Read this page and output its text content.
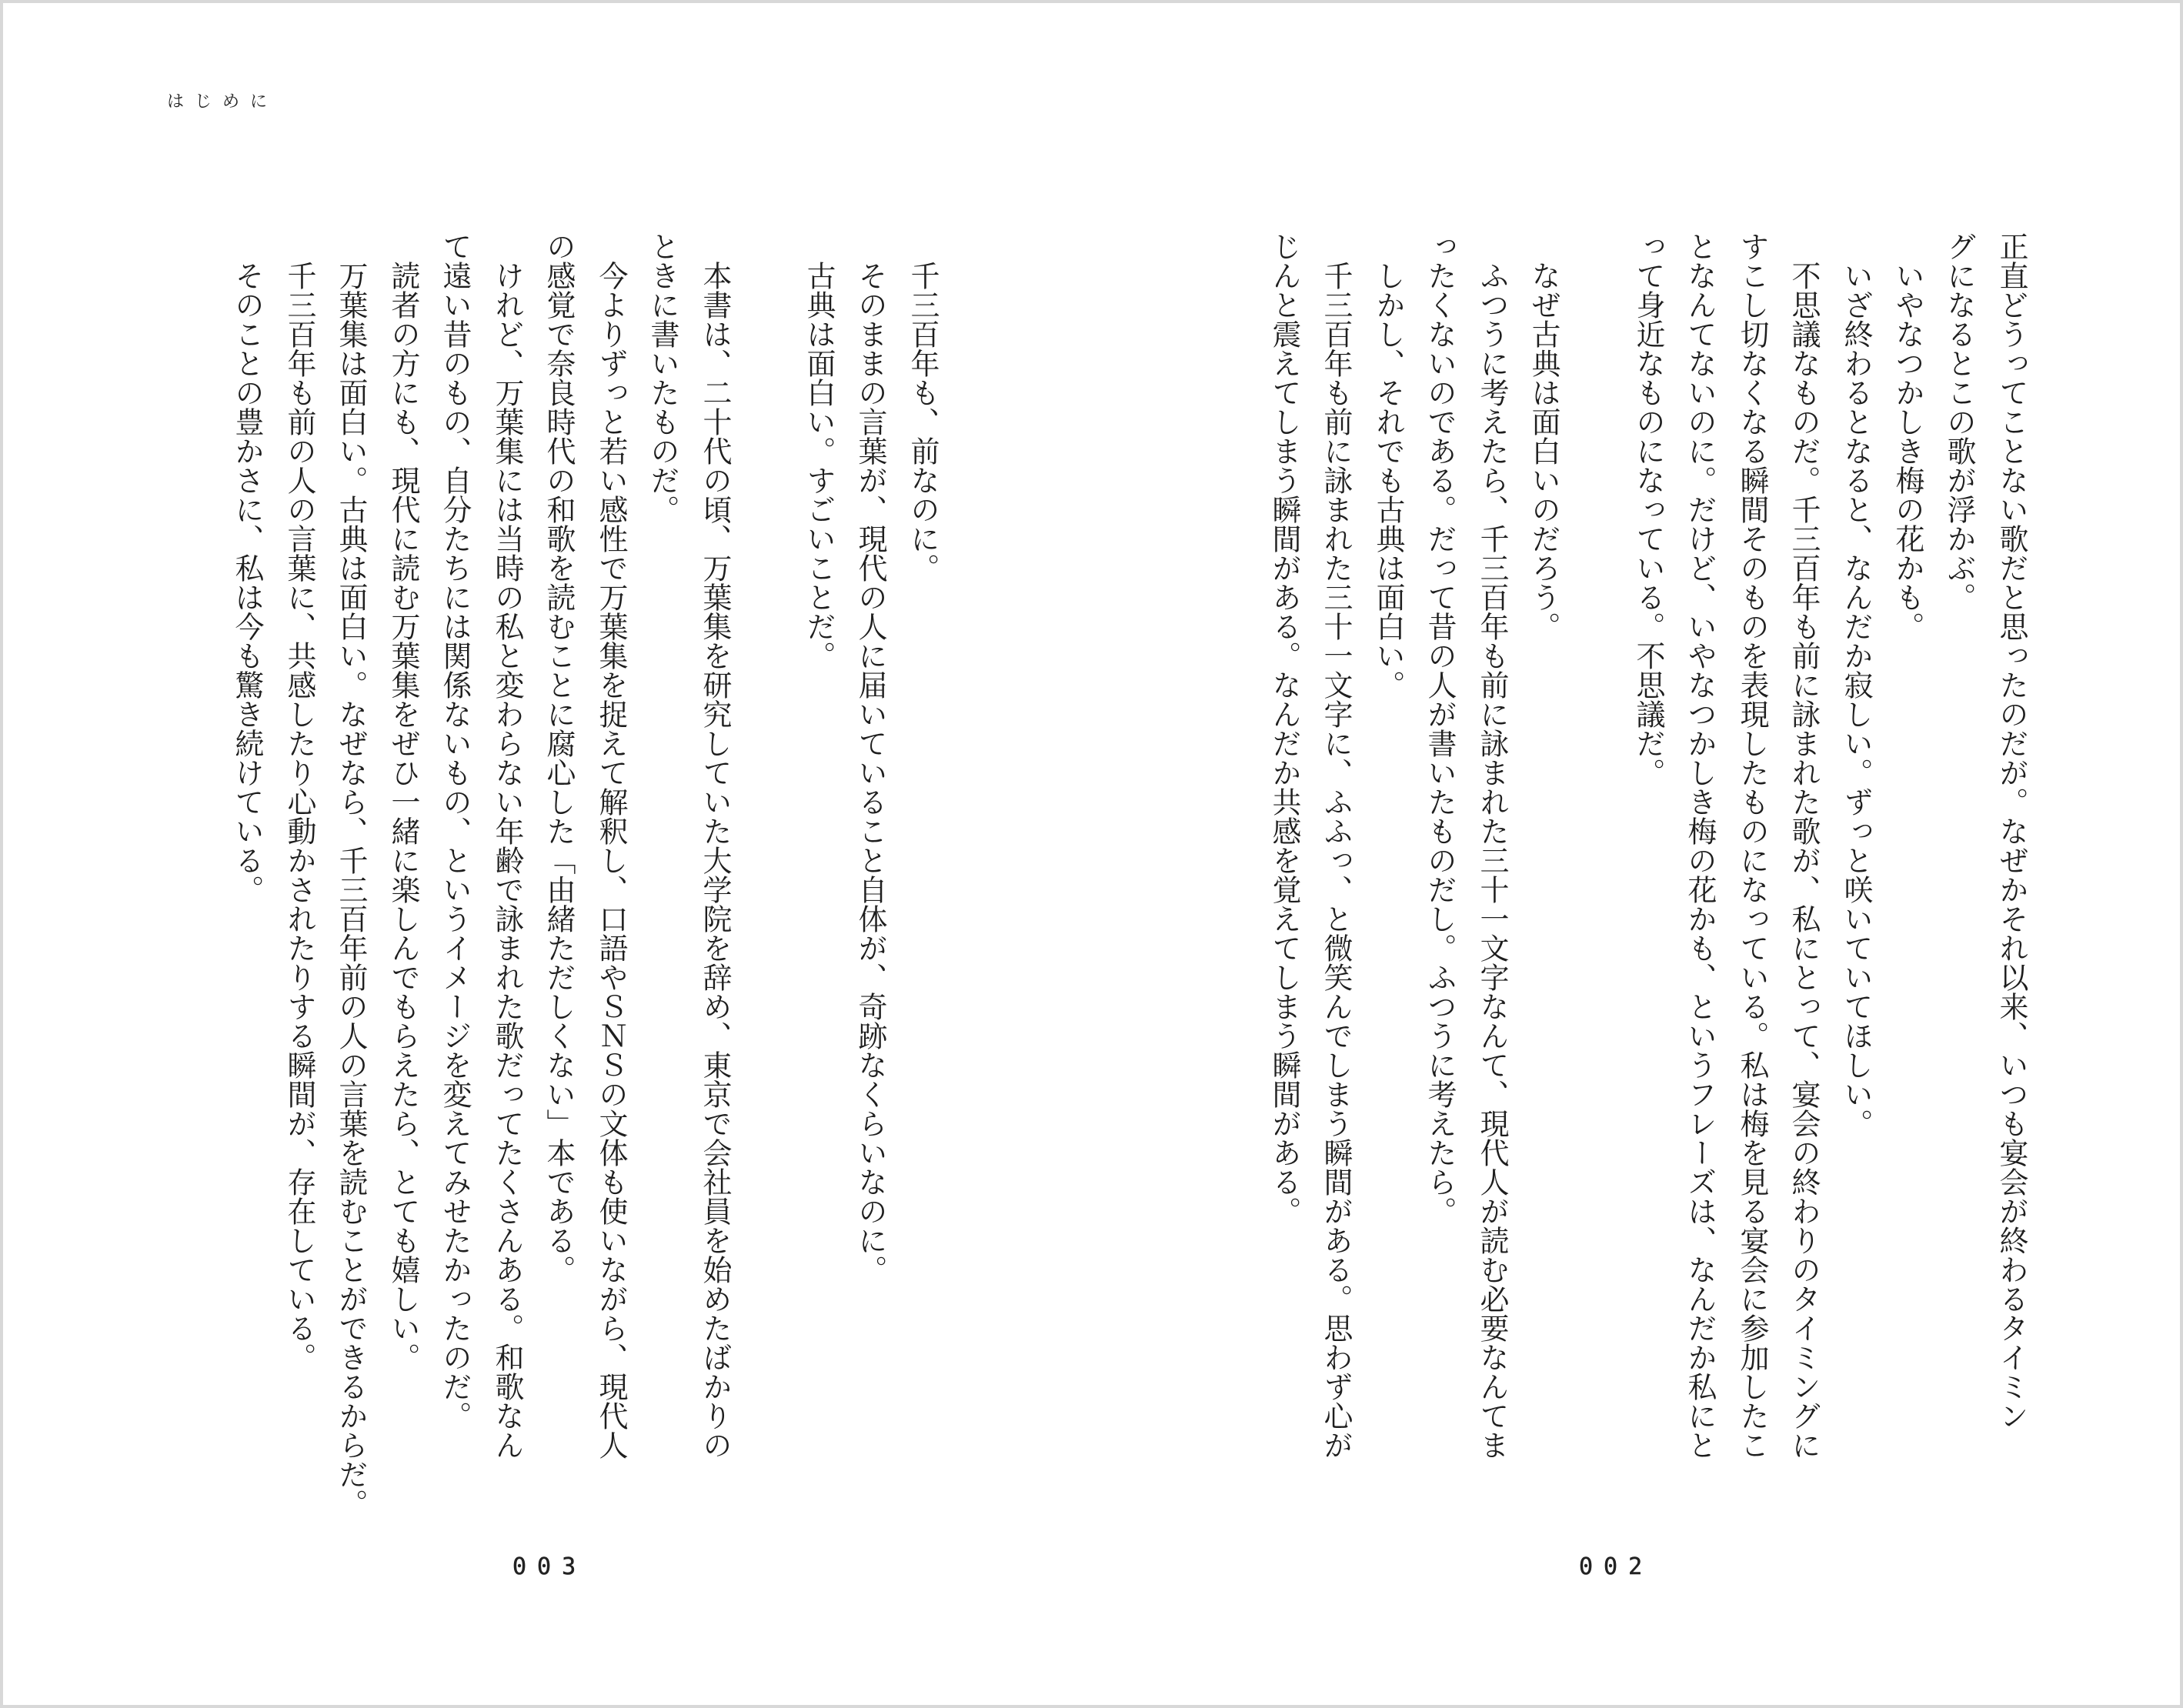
はじめに
正直どうってことない歌だと思ったのだが。なぜかそれ以来、いつも宴会が終わるタイミン
グになるとこの歌が浮かぶ。
　いやなつかしき梅の花かも。
　いざ終わるとなると、なんだか寂しい。ずっと咲いていてほしい。
　不思議なものだ。千三百年も前に詠まれた歌が、私にとって、宴会の終わりのタイミングに
すこし切なくなる瞬間そのものを表現したものになっている。私は梅を見る宴会に参加したこ
となんてないのに。だけど、いやなつかしき梅の花かも、というフレーズは、なんだか私にと
って身近なものになっている。不思議だ。
　なぜ古典は面白いのだろう。
　ふつうに考えたら、千三百年も前に詠まれた三十一文字なんて、現代人が読む必要なんてま
ったくないのである。だって昔の人が書いたものだし。ふつうに考えたら。
　しかし、それでも古典は面白い。
　千三百年も前に詠まれた三十一文字に、ふふっ、と微笑んでしまう瞬間がある。思わず心が
じんと震えてしまう瞬間がある。なんだか共感を覚えてしまう瞬間がある。
002
　千三百年も、前なのに。
　そのままの言葉が、現代の人に届いていること自体が、奇跡なくらいなのに。
　古典は面白い。すごいことだ。
　本書は、二十代の頃、万葉集を研究していた大学院を辞め、東京で会社員を始めたばかりの
ときに書いたものだ。
　今よりずっと若い感性で万葉集を捉えて解釈し、口語やＳＮＳの文体も使いながら、現代人
の感覚で奈良時代の和歌を読むことに腐心した「由緒ただしくない」本である。
　けれど、万葉集には当時の私と変わらない年齢で詠まれた歌だってたくさんある。和歌なん
て遠い昔のもの、自分たちには関係ないもの、というイメージを変えてみせたかったのだ。
　読者の方にも、現代に読む万葉集をぜひ一緒に楽しんでもらえたら、とても嬉しい。
　万葉集は面白い。古典は面白い。なぜなら、千三百年前の人の言葉を読むことができるからだ。
　千三百年も前の人の言葉に、共感したり心動かされたりする瞬間が、存在している。
　そのことの豊かさに、私は今も驚き続けている。
003
